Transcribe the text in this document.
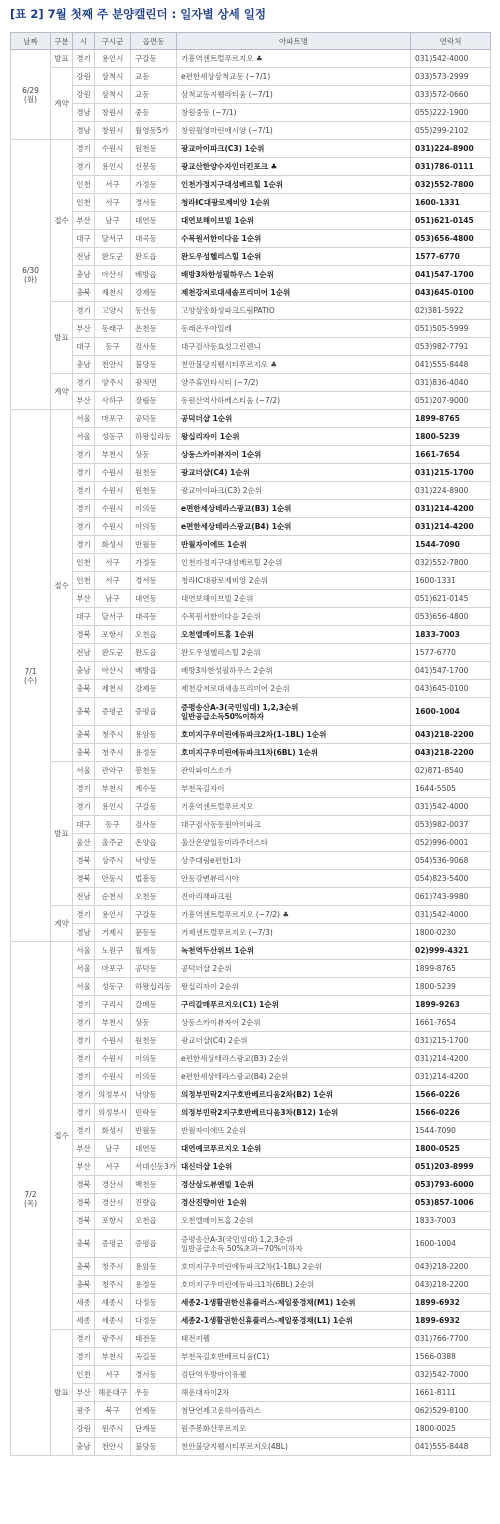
[표 2] 7월 첫째 주 분양캘린더 : 일자별 상세 일정
날짜	구분	시	구시군	읍면동	아파트명	연락처
6/29
(월)	발표	경기	용인시	구갈동	기흥역센트럴푸르지오 ♣	031)542-4000
	계약	강원	삼척시	교동	e편한세상삼척교동 (~7/1)	033)573-2999
		강원	삼척시	교동	삼척교동지웰라티움 (~7/1)	033)572-0660
		경남	창원시	중동	창원중동 (~7/1)	055)222-1900
		경남	창원시	월영동5가	창원월영마린애시앙 (~7/1)	055)299-2102
6/30
(화)	접수	경기	수원시	원천동	광교아이파크(C3) 1순위	031)224-8900
		경기	용인시	신봉동	광교산한양수자인더킨포크 ♣	031)786-0111
		인천	서구	가정동	인천가정지구대성베르힐 1순위	032)552-7800
		인천	서구	경서동	청라IC대광로제비앙 1순위	1600-1331
		부산	남구	대연동	대연보해이브빌 1순위	051)621-0145
		대구	달서구	대곡동	수목원서한이다음 1순위	053)656-4800
		전남	완도군	완도읍	완도우성헬리스힐 1순위	1577-6770
		충남	아산시	배방읍	배방3차한성필하우스 1순위	041)547-1700
		충북	제천시	강제동	제천강저로대새솔프리미어 1순위	043)645-0100
	발표	경기	고양시	동산동	고양삼송화성파크드림PATIO	02)381-5922
		부산	동래구	온천동	동래온우아일레	051)505-5999
		대구	동구	검사동	대구검사동효성그린렌니	053)982-7791
		충남	천안시	불당동	천안불당지웰시티푸르지오 ♣	041)555-8448
	계약	경기	양주시	광적면	양주휴먼타시티 (~7/2)	031)836-4040
		부산	사하구	장림동	동원산역사하베스티움 (~7/2)	051)207-9000
7/1
(수)	접수	서울	마포구	공덕동	공덕더샵 1순위	1899-8765
		서울	성동구	하왕십리동	왕십리자이 1순위	1800-5239
		경기	부천시	상동	상동스카이뷰자이 1순위	1661-7654
		경기	수원시	원천동	광교더샵(C4) 1순위	031)215-1700
		경기	수원시	원천동	광교아이파크(C3) 2순위	031)224-8900
		경기	수원시	이의동	e편한세상테라스광교(B3) 1순위	031)214-4200
		경기	수원시	이의동	e편한세상테라스광교(B4) 1순위	031)214-4200
		경기	화성시	반월동	반월자이에뜨 1순위	1544-7090
		인천	서구	가정동	인천가정지구대성베르힐 2순위	032)552-7800
		인천	서구	경서동	청라IC대광로제비앙 2순위	1600-1331
		부산	남구	대연동	대연보해이브빌 2순위	051)621-0145
		대구	달서구	대곡동	수목원서한이다음 2순위	053)656-4800
		경북	포항시	오천읍	오천엘메이트홈 1순위	1833-7003
		전남	완도군	완도읍	완도우성헬리스힐 2순위	1577-6770
		충남	아산시	배방읍	배방3차한성필하우스 2순위	041)547-1700
		충북	제천시	강제동	제천강저로대새솔프리미어 2순위	043)645-0100
		충북	증평군	증평읍	증평송산A-3(국민임대) 1,2,3순위
일반공급소득50%이하자	1600-1004
		충북	청주시	용암동	호미지구우미린에듀파크2차(1-1BL) 1순위	043)218-2200
		충북	청주시	용정동	호미지구우미린에듀파크1차(6BL) 1순위	043)218-2200
	발표	서울	관악구	봉천동	관악파미스소가	02)871-8540
		경기	부천시	계수동	부천옥길자이	1644-5505
		경기	용인시	구갈동	기흥역센트럴푸르지오	031)542-4000
		대구	동구	검사동	대구검사동동원아이파크	053)982-0037
		울산	울주군	온양읍	울산온양일동미라주더스타	052)996-0001
		경북	상주시	낙양동	상주대림e편한1차	054)536-9068
		경북	안동시	법흥동	안동강변뷰리시아	054)823-5400
		전남	순천시	오천동	진아리채파크원	061)743-9980
	계약	경기	용인시	구갈동	기흥역센트럴푸르지오 (~7/2) ♣	031)542-4000
		경남	거제시	문동동	거제센트럴푸르지오 (~7/3)	1800-0230
7/2
(목)	접수	서울	노원구	월계동	녹천역두산위브 1순위	02)999-4321
		서울	마포구	공덕동	공덕더샵 2순위	1899-8765
		서울	성동구	하왕십리동	왕십리자이 2순위	1800-5239
		경기	구리시	갈매동	구리갈매푸르지오(C1) 1순위	1899-9263
		경기	부천시	상동	상동스카이뷰자이 2순위	1661-7654
		경기	수원시	원천동	광교더샵(C4) 2순위	031)215-1700
		경기	수원시	이의동	e편한세상테라스광교(B3) 2순위	031)214-4200
		경기	수원시	이의동	e편한세상테라스광교(B4) 2순위	031)214-4200
		경기	의정부시	낙양동	의정부민락2지구호반베르디움2차(B2) 1순위	1566-0226
		경기	의정부시	민락동	의정부민락2지구호반베르디움3차(B12) 1순위	1566-0226
		경기	화성시	반월동	반월자이에뜨 2순위	1544-7090
		부산	남구	대연동	대연예코푸르지오 1순위	1800-0525
		부산	서구	서대신동3가	대신더샵 1순위	051)203-8999
		경북	경산시	백천동	경산삼도뷰엔빌 1순위	053)793-6000
		경북	경산시	진량읍	경산진량이안 1순위	053)857-1006
		경북	포항시	오천읍	오천엘메이트홈 2순위	1833-7003
		충북	증평군	증평읍	증평송산A-3(국민임대) 1,2,3순위
일반공급소득 50%초과~70%이하자	1600-1004
		충북	청주시	용암동	호미지구우미린에듀파크2차(1-1BL) 2순위	043)218-2200
		충북	청주시	용정동	호미지구우미린에듀파크1차(6BL) 2순위	043)218-2200
		세종	세종시	다정동	세종2-1생활권한신휴플러스-제일풍경채(M1) 1순위	1899-6932
		세종	세종시	다정동	세종2-1생활권한신휴플러스-제일풍경채(L1) 1순위	1899-6932
	발표	경기	광주시	태전동	태전지웰	031)766-7700
		경기	부천시	옥길동	부천옥길호반베르디움(C1)	1566-0388
		인천	서구	경서동	검단역우방아이유쉘	032)542-7000
		부산	해운대구	우동	해운대자이2차	1661-8111
		광주	북구	연제동	첨단연제고운하이플러스	062)529-8100
		강원	원주시	단계동	원주봉화산푸르지오	1800-0025
		충남	천안시	불당동	천안불당지웰시티푸르지오(4BL)	041)555-8448
